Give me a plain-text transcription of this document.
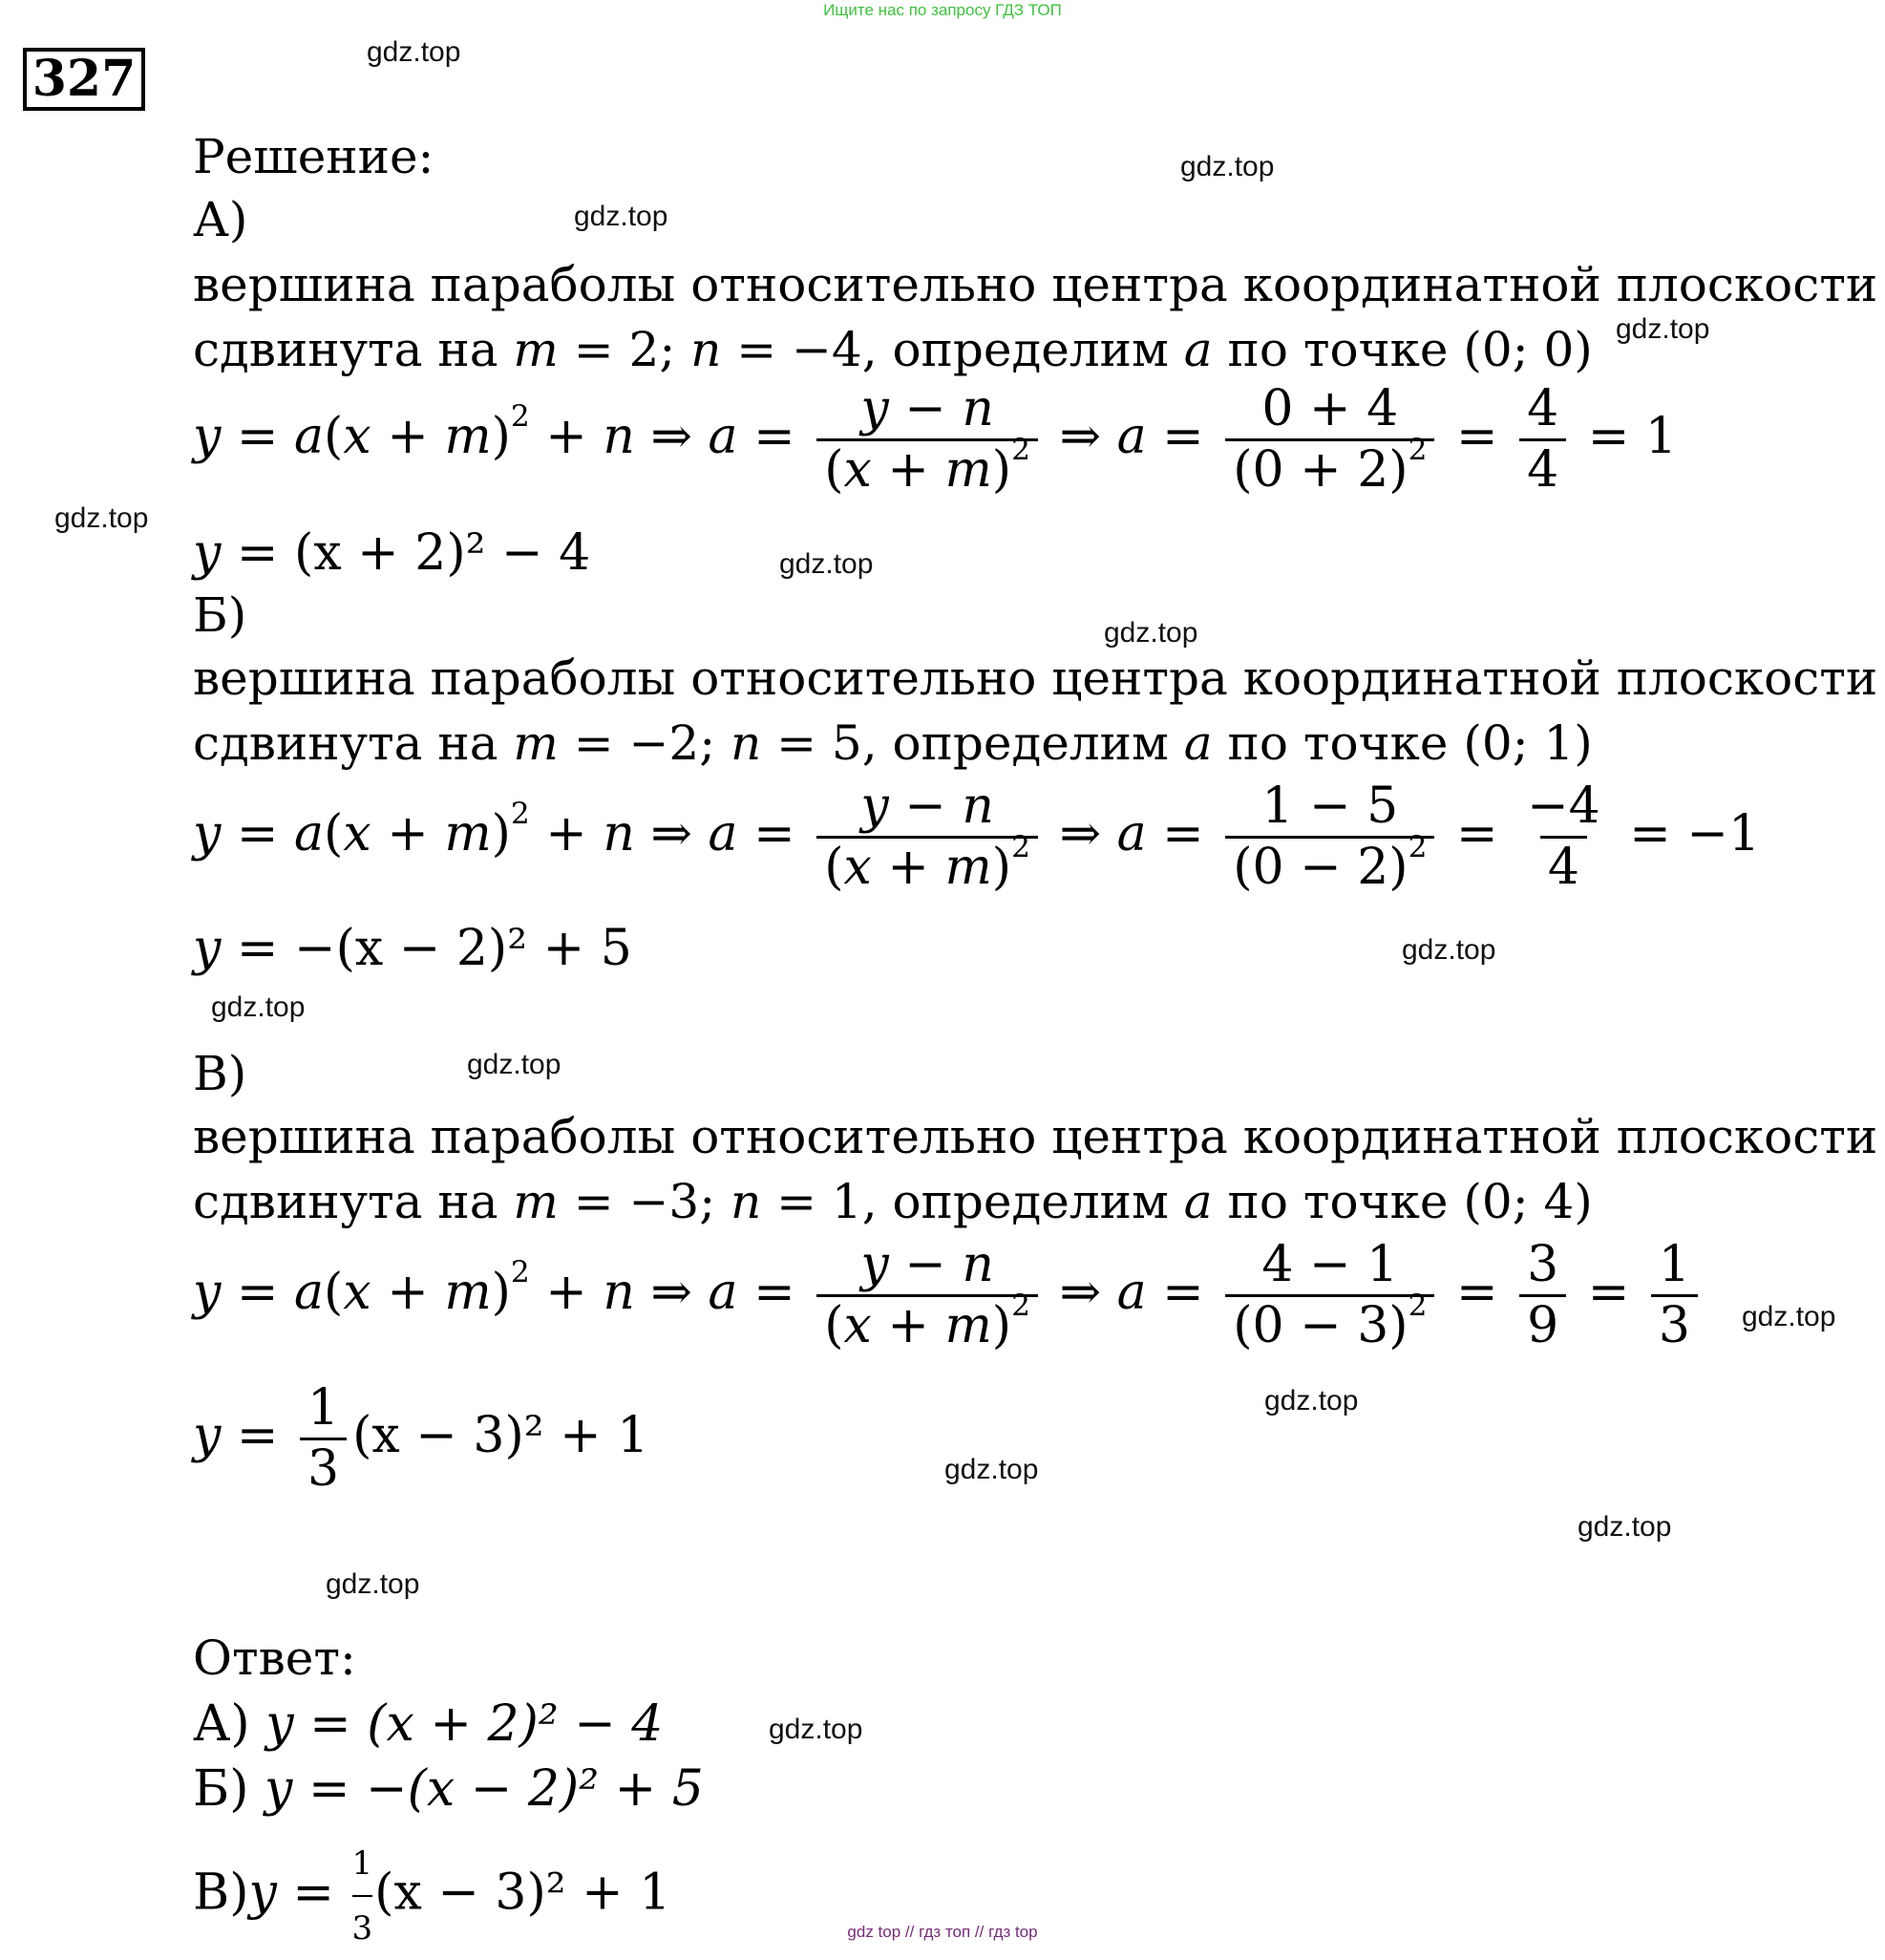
Ищите нас по запросу ГДЗ ТОП
327	gdz.top
gdz.top
gdz.top
gdz.top
gdz.top
gdz.top
gdz.top
gdz.top
gdz.top
gdz.top
gdz.top
gdz.top
gdz.top
gdz.top
gdz.top
gdz.top
Решение:
А)
вершина параболы относительно центра координатной плоскости
сдвинута на m = 2; n = −4, определим a по точке (0; 0)
$y = a(x + m)^2 + n$ ⇒ $a = \frac{y - n}{(x + m)^2}$ ⇒ $a = \frac{0 + 4}{(0 + 2)^2} = \frac{4}{4} = 1$
y = (x + 2)² − 4
Б)
вершина параболы относительно центра координатной плоскости
сдвинута на m = −2; n = 5, определим a по точке (0; 1)
$y = a(x + m)^2 + n$ ⇒ $a = \frac{y - n}{(x + m)^2}$ ⇒ $a = \frac{1 - 5}{(0 - 2)^2} = \frac{-4}{4} = -1$
y = −(x − 2)² + 5
В)
вершина параболы относительно центра координатной плоскости
сдвинута на m = −3; n = 1, определим a по точке (0; 4)
$y = a(x + m)^2 + n$ ⇒ $a = \frac{y - n}{(x + m)^2}$ ⇒ $a = \frac{4 - 1}{(0 - 3)^2} = \frac{3}{9} = \frac{1}{3}$
$y = \frac{1}{3} (x - 3)^2 + 1$
Ответ:
А) y = (x + 2)² − 4
Б) y = −(x − 2)² + 5
$В)y = \frac{1}{3} (x - 3)^2 + 1$
gdz top // гдз топ // гдз top
